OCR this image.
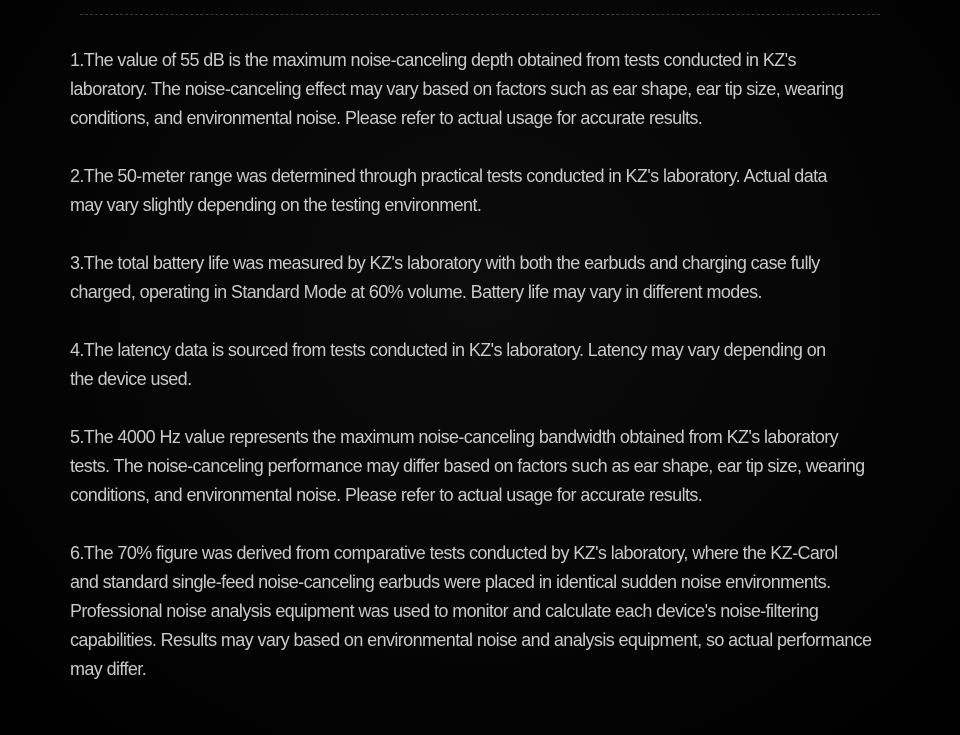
1.The value of 55 dB is the maximum noise-canceling depth obtained from tests conducted in KZ's
laboratory. The noise-canceling effect may vary based on factors such as ear shape, ear tip size, wearing
conditions, and environmental noise. Please refer to actual usage for accurate results.
2.The 50-meter range was determined through practical tests conducted in KZ's laboratory. Actual data
may vary slightly depending on the testing environment.
3.The total battery life was measured by KZ's laboratory with both the earbuds and charging case fully
charged, operating in Standard Mode at 60% volume. Battery life may vary in different modes.
4.The latency data is sourced from tests conducted in KZ's laboratory. Latency may vary depending on
the device used.
5.The 4000 Hz value represents the maximum noise-canceling bandwidth obtained from KZ's laboratory
tests. The noise-canceling performance may differ based on factors such as ear shape, ear tip size, wearing
conditions, and environmental noise. Please refer to actual usage for accurate results.
6.The 70% figure was derived from comparative tests conducted by KZ's laboratory, where the KZ-Carol
and standard single-feed noise-canceling earbuds were placed in identical sudden noise environments.
Professional noise analysis equipment was used to monitor and calculate each device's noise-filtering
capabilities. Results may vary based on environmental noise and analysis equipment, so actual performance
may differ.
